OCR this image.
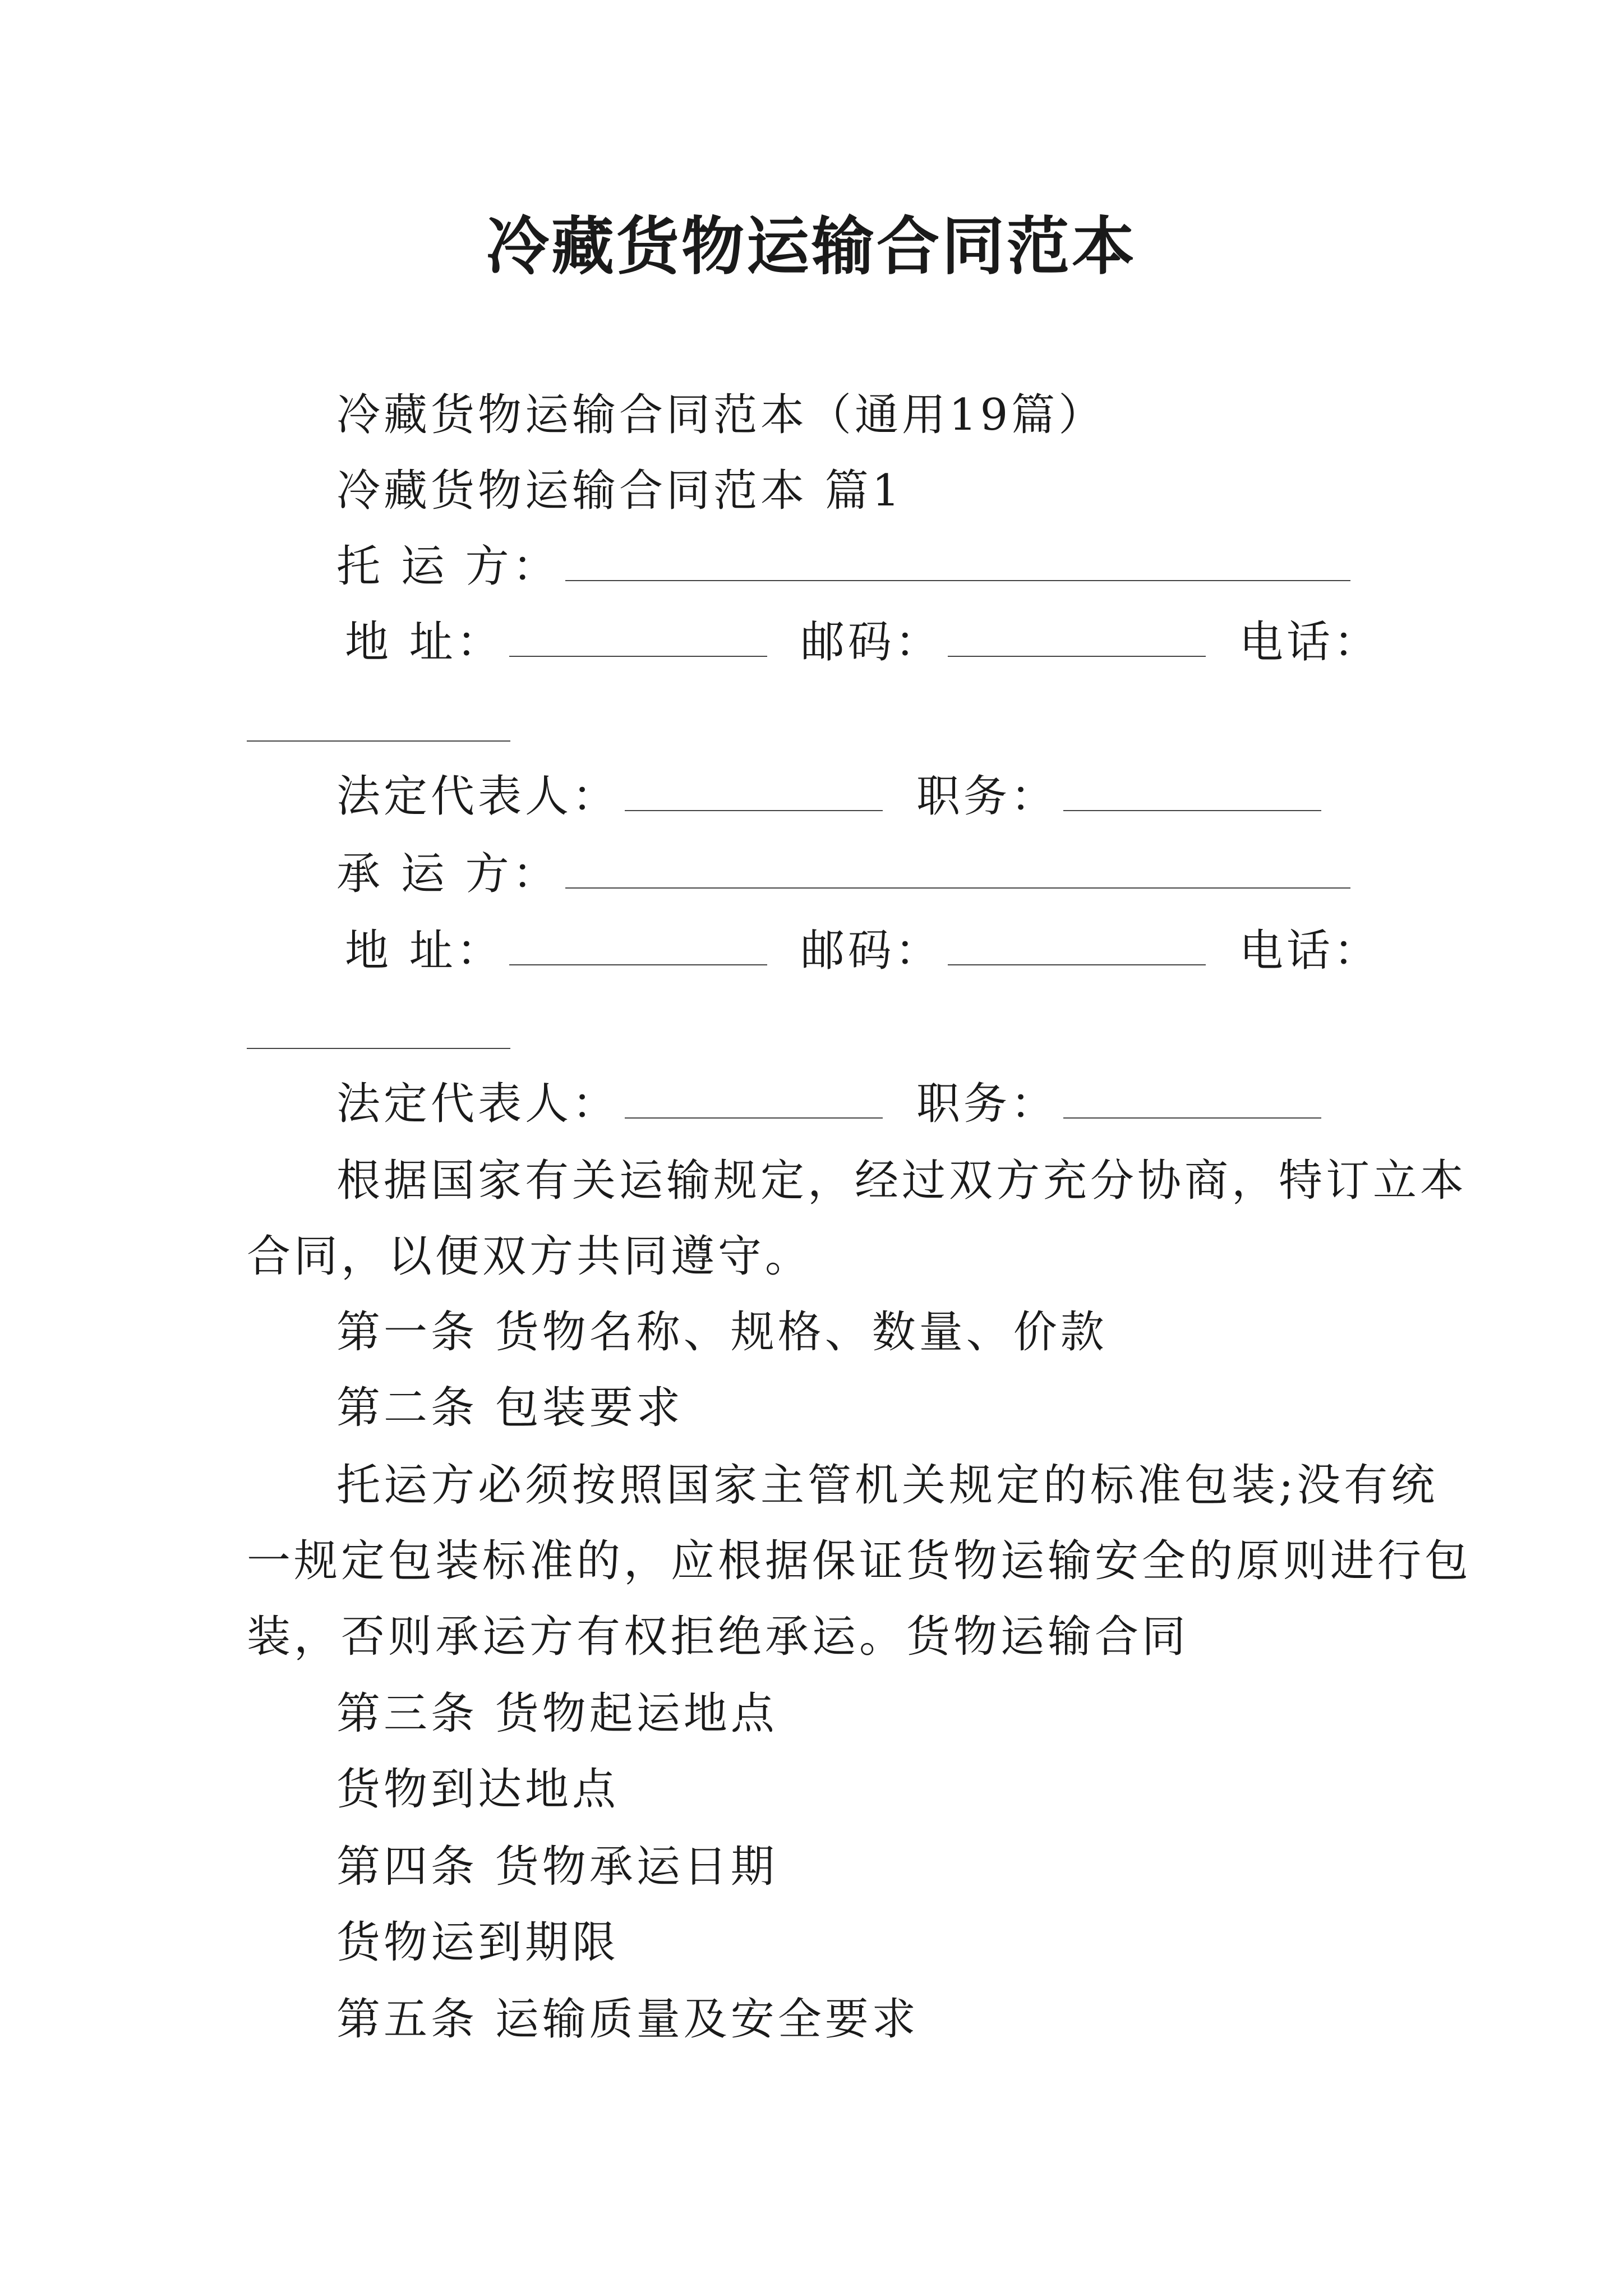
冷藏货物运输合同范本
冷藏货物运输合同范本（通用19篇）
冷藏货物运输合同范本 篇1
托 运 方：
地 址：	邮码：	电话：
法定代表人：	职务：
承 运 方：
地 址：	邮码：	电话：
法定代表人：	职务：
根据国家有关运输规定，经过双方充分协商，特订立本
合同，以便双方共同遵守。
第一条 货物名称、规格、数量、价款
第二条 包装要求
托运方必须按照国家主管机关规定的标准包装;没有统
一规定包装标准的，应根据保证货物运输安全的原则进行包
装，否则承运方有权拒绝承运。货物运输合同
第三条 货物起运地点
货物到达地点
第四条 货物承运日期
货物运到期限
第五条 运输质量及安全要求
